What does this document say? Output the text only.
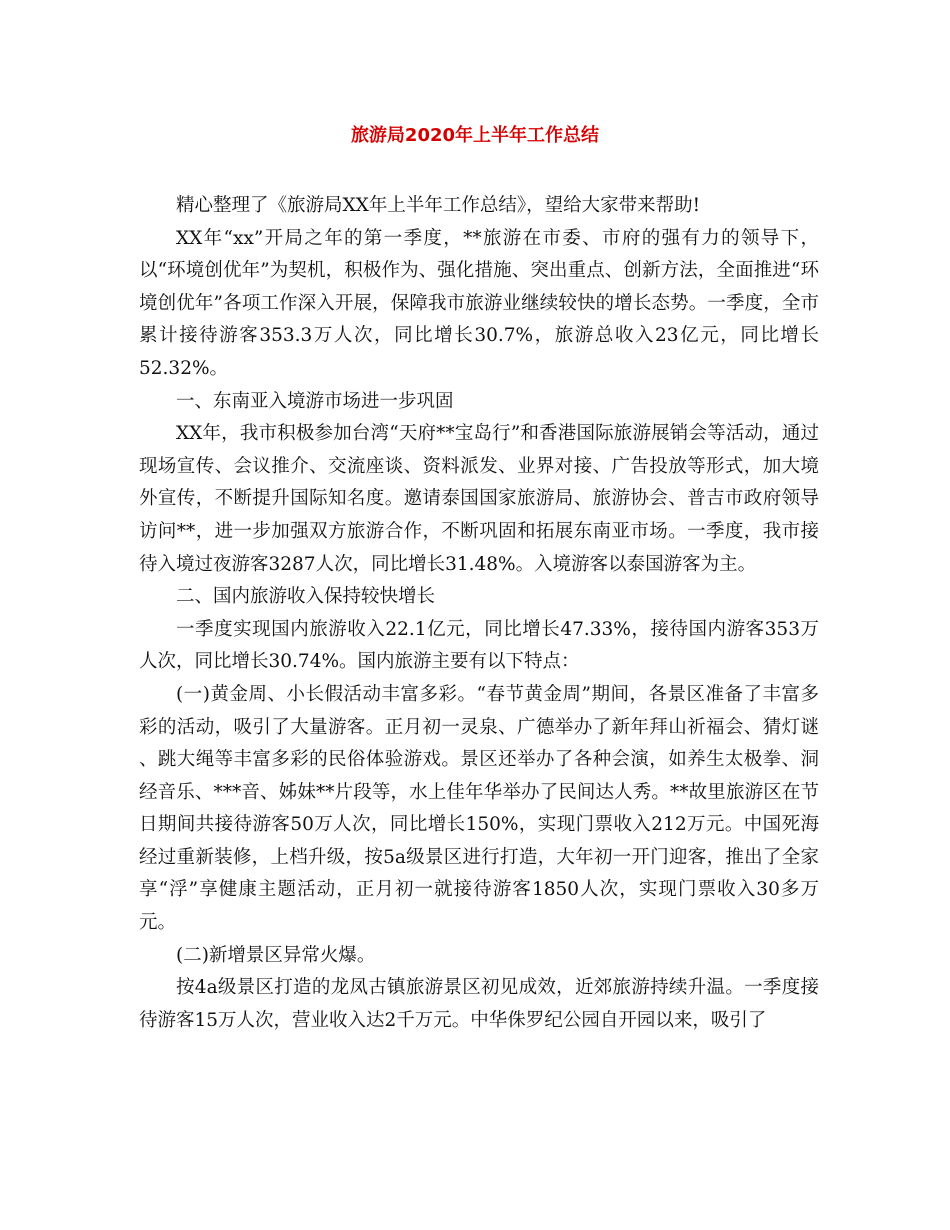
旅游局2020年上半年工作总结

精心整理了《旅游局XX年上半年工作总结》，望给大家带来帮助!

XX年“xx”开局之年的第一季度，**旅游在市委、市府的强有力的领导下，以“环境创优年”为契机，积极作为、强化措施、突出重点、创新方法，全面推进“环境创优年”各项工作深入开展，保障我市旅游业继续较快的增长态势。一季度，全市累计接待游客353.3万人次，同比增长30.7%，旅游总收入23亿元，同比增长52.32%。

一、东南亚入境游市场进一步巩固

XX年，我市积极参加台湾“天府**宝岛行”和香港国际旅游展销会等活动，通过现场宣传、会议推介、交流座谈、资料派发、业界对接、广告投放等形式，加大境外宣传，不断提升国际知名度。邀请泰国国家旅游局、旅游协会、普吉市政府领导访问**，进一步加强双方旅游合作，不断巩固和拓展东南亚市场。一季度，我市接待入境过夜游客3287人次，同比增长31.48%。入境游客以泰国游客为主。

二、国内旅游收入保持较快增长

一季度实现国内旅游收入22.1亿元，同比增长47.33%，接待国内游客353万人次，同比增长30.74%。国内旅游主要有以下特点：

(一)黄金周、小长假活动丰富多彩。“春节黄金周”期间，各景区准备了丰富多彩的活动，吸引了大量游客。正月初一灵泉、广德举办了新年拜山祈福会、猜灯谜 、跳大绳等丰富多彩的民俗体验游戏。景区还举办了各种会演，如养生太极拳、洞经音乐、***音、姊妹**片段等，水上佳年华举办了民间达人秀。**故里旅游区在节日期间共接待游客50万人次，同比增长150%，实现门票收入212万元。中国死海经过重新装修，上档升级，按5a级景区进行打造，大年初一开门迎客，推出了全家享“浮”享健康主题活动，正月初一就接待游客1850人次，实现门票收入30多万元。

(二)新增景区异常火爆。

按4a级景区打造的龙凤古镇旅游景区初见成效，近郊旅游持续升温。一季度接待游客15万人次，营业收入达2千万元。中华侏罗纪公园自开园以来，吸引了
